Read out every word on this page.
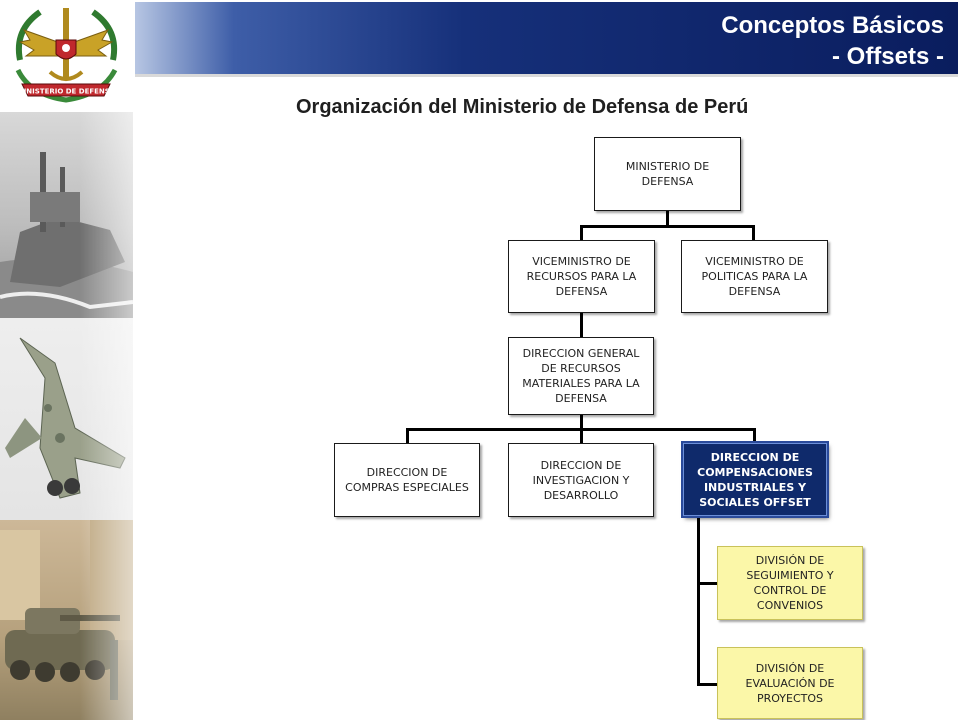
MINISTERIO DE DEFENSA
Conceptos Básicos
- Offsets -
Organización del Ministerio de Defensa de Perú
MINISTERIO DE DEFENSA
VICEMINISTRO DE RECURSOS PARA LA DEFENSA
VICEMINISTRO DE POLITICAS PARA LA DEFENSA
DIRECCION GENERAL DE RECURSOS MATERIALES PARA LA DEFENSA
DIRECCION DE COMPRAS ESPECIALES
DIRECCION DE INVESTIGACION Y DESARROLLO
DIRECCION DE COMPENSACIONES INDUSTRIALES Y SOCIALES OFFSET
DIVISIÓN DE SEGUIMIENTO Y CONTROL DE CONVENIOS
DIVISIÓN DE EVALUACIÓN DE PROYECTOS
